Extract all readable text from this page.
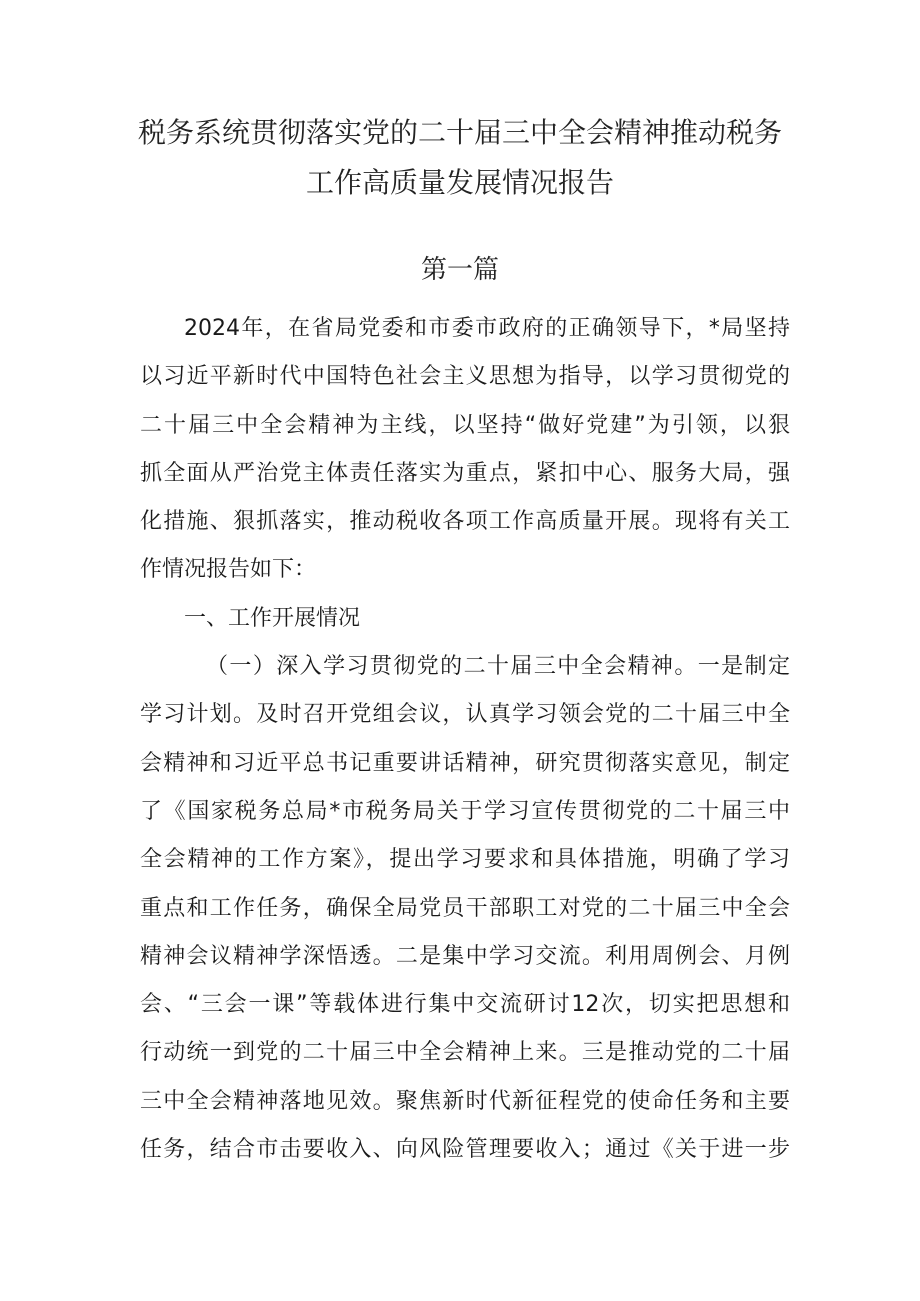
税务系统贯彻落实党的二十届三中全会精神推动税务
工作高质量发展情况报告
第一篇
2024年，在省局党委和市委市政府的正确领导下，*局坚持
以习近平新时代中国特色社会主义思想为指导，以学习贯彻党的
二十届三中全会精神为主线，以坚持“做好党建”为引领，以狠
抓全面从严治党主体责任落实为重点，紧扣中心、服务大局，强
化措施、狠抓落实，推动税收各项工作高质量开展。现将有关工
作情况报告如下：
一、工作开展情况
（一）深入学习贯彻党的二十届三中全会精神。一是制定
学习计划。及时召开党组会议，认真学习领会党的二十届三中全
会精神和习近平总书记重要讲话精神，研究贯彻落实意见，制定
了《国家税务总局*市税务局关于学习宣传贯彻党的二十届三中
全会精神的工作方案》，提出学习要求和具体措施，明确了学习
重点和工作任务，确保全局党员干部职工对党的二十届三中全会
精神会议精神学深悟透。二是集中学习交流。利用周例会、月例
会、“三会一课”等载体进行集中交流研讨12次，切实把思想和
行动统一到党的二十届三中全会精神上来。三是推动党的二十届
三中全会精神落地见效。聚焦新时代新征程党的使命任务和主要
任务，结合市击要收入、向风险管理要收入；通过《关于进一步
